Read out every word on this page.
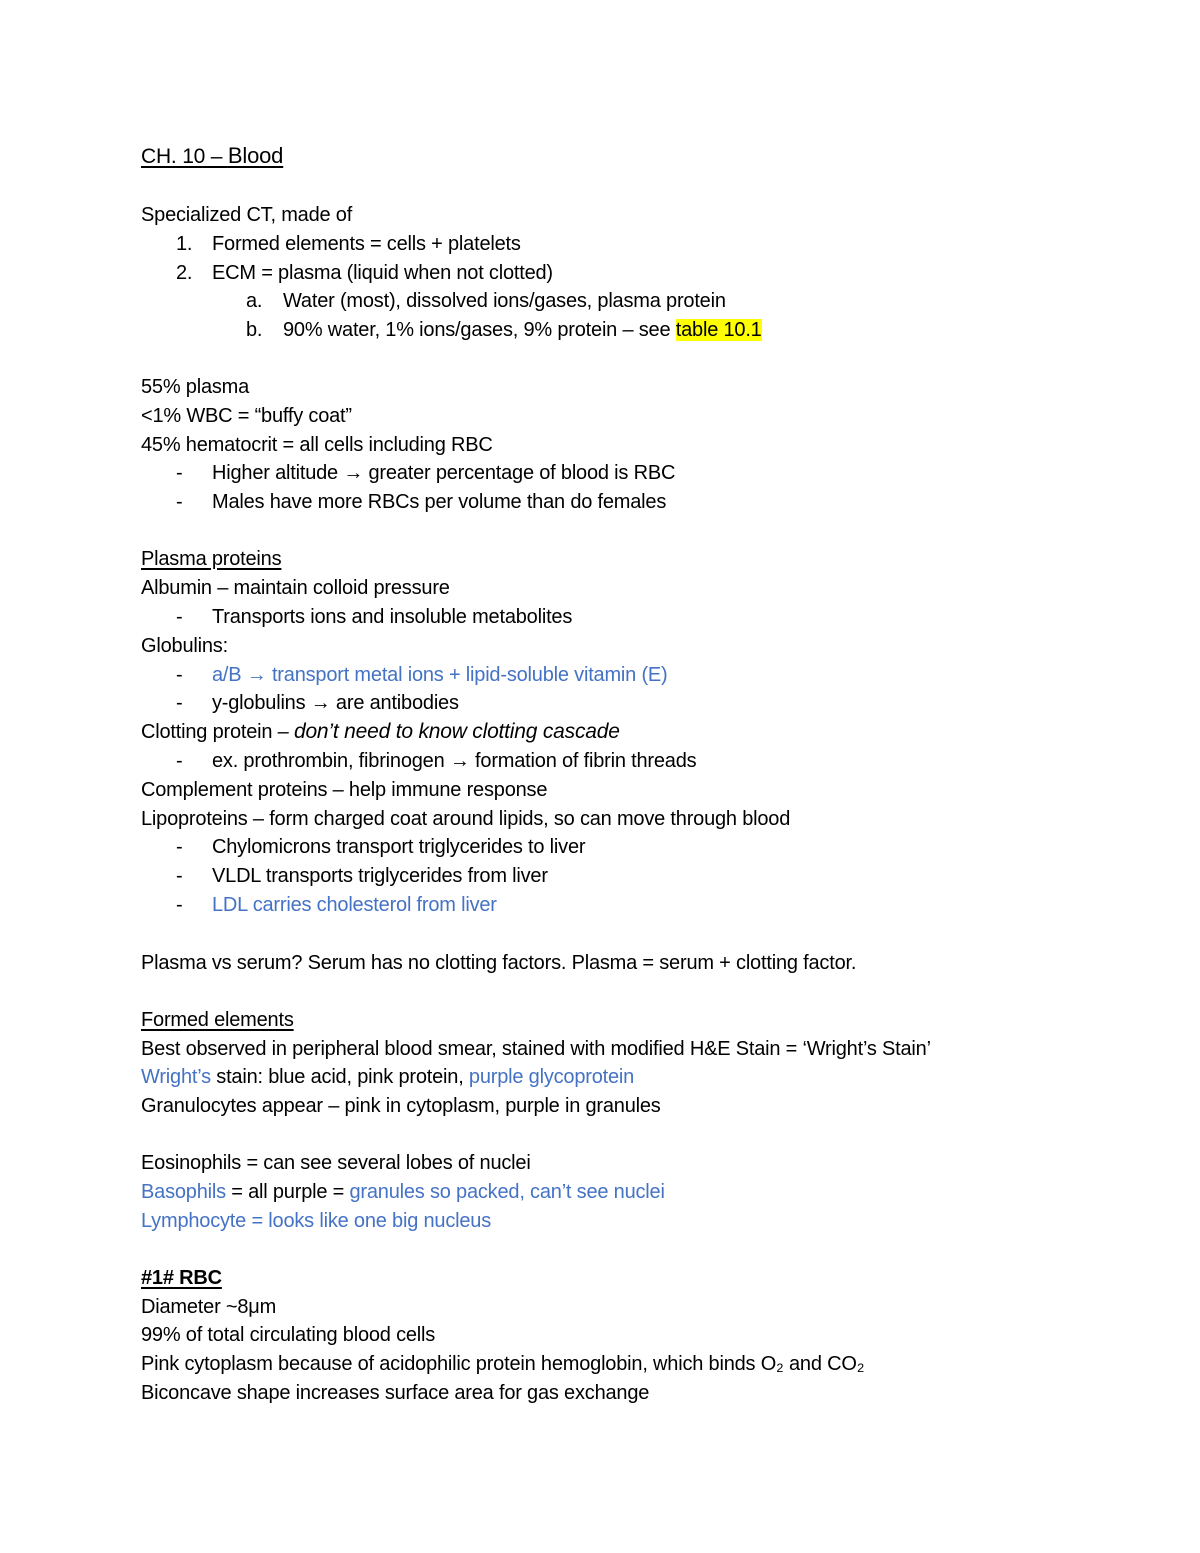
CH. 10 – Blood
Specialized CT, made of
1. Formed elements = cells + platelets
2. ECM = plasma (liquid when not clotted)
a. Water (most), dissolved ions/gases, plasma protein
b. 90% water, 1% ions/gases, 9% protein – see table 10.1
55% plasma
<1% WBC = “buffy coat”
45% hematocrit = all cells including RBC
- Higher altitude → greater percentage of blood is RBC
- Males have more RBCs per volume than do females
Plasma proteins
Albumin – maintain colloid pressure
- Transports ions and insoluble metabolites
Globulins:
- a/B → transport metal ions + lipid-soluble vitamin (E)
- y-globulins → are antibodies
Clotting protein – don’t need to know clotting cascade
- ex. prothrombin, fibrinogen → formation of fibrin threads
Complement proteins – help immune response
Lipoproteins – form charged coat around lipids, so can move through blood
- Chylomicrons transport triglycerides to liver
- VLDL transports triglycerides from liver
- LDL carries cholesterol from liver
Plasma vs serum? Serum has no clotting factors. Plasma = serum + clotting factor.
Formed elements
Best observed in peripheral blood smear, stained with modified H&E Stain = ‘Wright’s Stain’
Wright’s stain: blue acid, pink protein, purple glycoprotein
Granulocytes appear – pink in cytoplasm, purple in granules
Eosinophils = can see several lobes of nuclei
Basophils = all purple = granules so packed, can’t see nuclei
Lymphocyte = looks like one big nucleus
#1# RBC
Diameter ~8μm
99% of total circulating blood cells
Pink cytoplasm because of acidophilic protein hemoglobin, which binds O₂ and CO₂
Biconcave shape increases surface area for gas exchange
